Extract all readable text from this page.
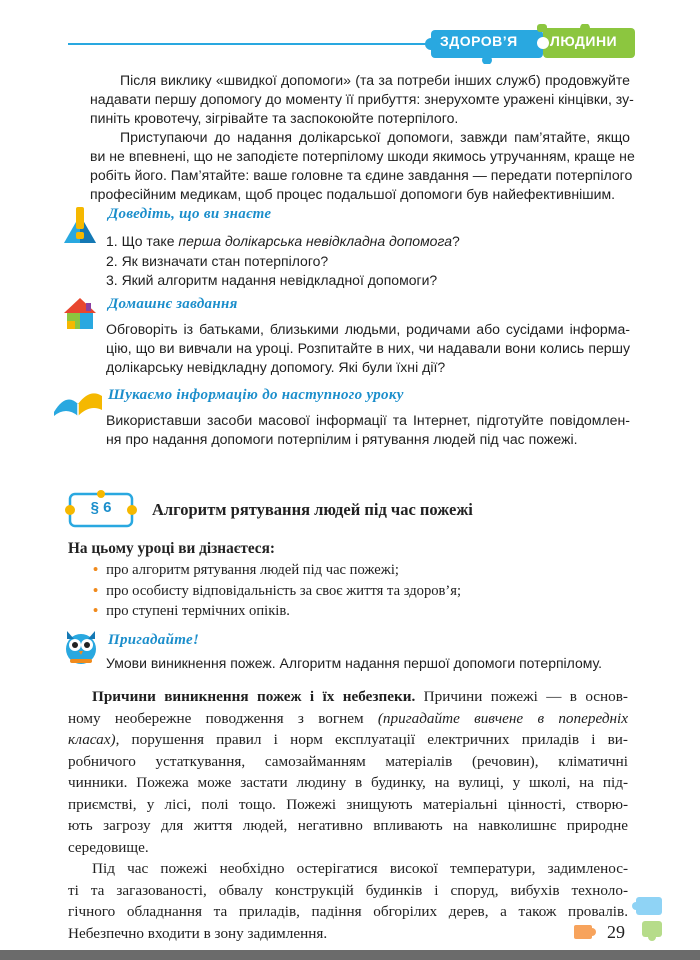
ЗДОРОВ’Я ЛЮДИНИ
Після виклику «швидкої допомоги» (та за потреби інших служб) продовжуйте
надавати першу допомогу до моменту її прибуття: знерухомте уражені кінцівки, зу-
пиніть кровотечу, зігрівайте та заспокоюйте потерпілого.
Приступаючи до надання долікарської допомоги, завжди пам’ятайте, якщо
ви не впевнені, що не заподієте потерпілому шкоди якимось утручанням, краще не
робіть його. Пам’ятайте: ваше головне та єдине завдання — передати потерпілого
професійним медикам, щоб процес подальшої допомоги був найефективнішим.
Доведіть, що ви знаєте
1. Що таке перша долікарська невідкладна допомога?
2. Як визначати стан потерпілого?
3. Який алгоритм надання невідкладної допомоги?
Домашнє завдання
Обговоріть із батьками, близькими людьми, родичами або сусідами інформа-
цію, що ви вивчали на уроці. Розпитайте в них, чи надавали вони колись першу
долікарську невідкладну допомогу. Які були їхні дії?
Шукаємо інформацію до наступного уроку
Використавши засоби масової інформації та Інтернет, підготуйте повідомлен-
ня про надання допомоги потерпілим і рятування людей під час пожежі.
§ 6	Алгоритм рятування людей під час пожежі
На цьому уроці ви дізнаєтеся:
• про алгоритм рятування людей під час пожежі;
• про особисту відповідальність за своє життя та здоров’я;
• про ступені термічних опіків.
Пригадайте!
Умови виникнення пожеж. Алгоритм надання першої допомоги потерпілому.
Причини виникнення пожеж і їх небезпеки. Причини пожежі — в основ-
ному необережне поводження з вогнем (пригадайте вивчене в попередніх
класах), порушення правил і норм експлуатації електричних приладів і ви-
робничого устаткування, самозайманням матеріалів (речовин), кліматичні
чинники. Пожежа може застати людину в будинку, на вулиці, у школі, на під-
приємстві, у лісі, полі тощо. Пожежі знищують матеріальні цінності, створю-
ють загрозу для життя людей, негативно впливають на навколишнє природне
середовище.
Під час пожежі необхідно остерігатися високої температури, задимленос-
ті та загазованості, обвалу конструкцій будинків і споруд, вибухів техноло-
гічного обладнання та приладів, падіння обгорілих дерев, а також провалів.
Небезпечно входити в зону задимлення.	29
